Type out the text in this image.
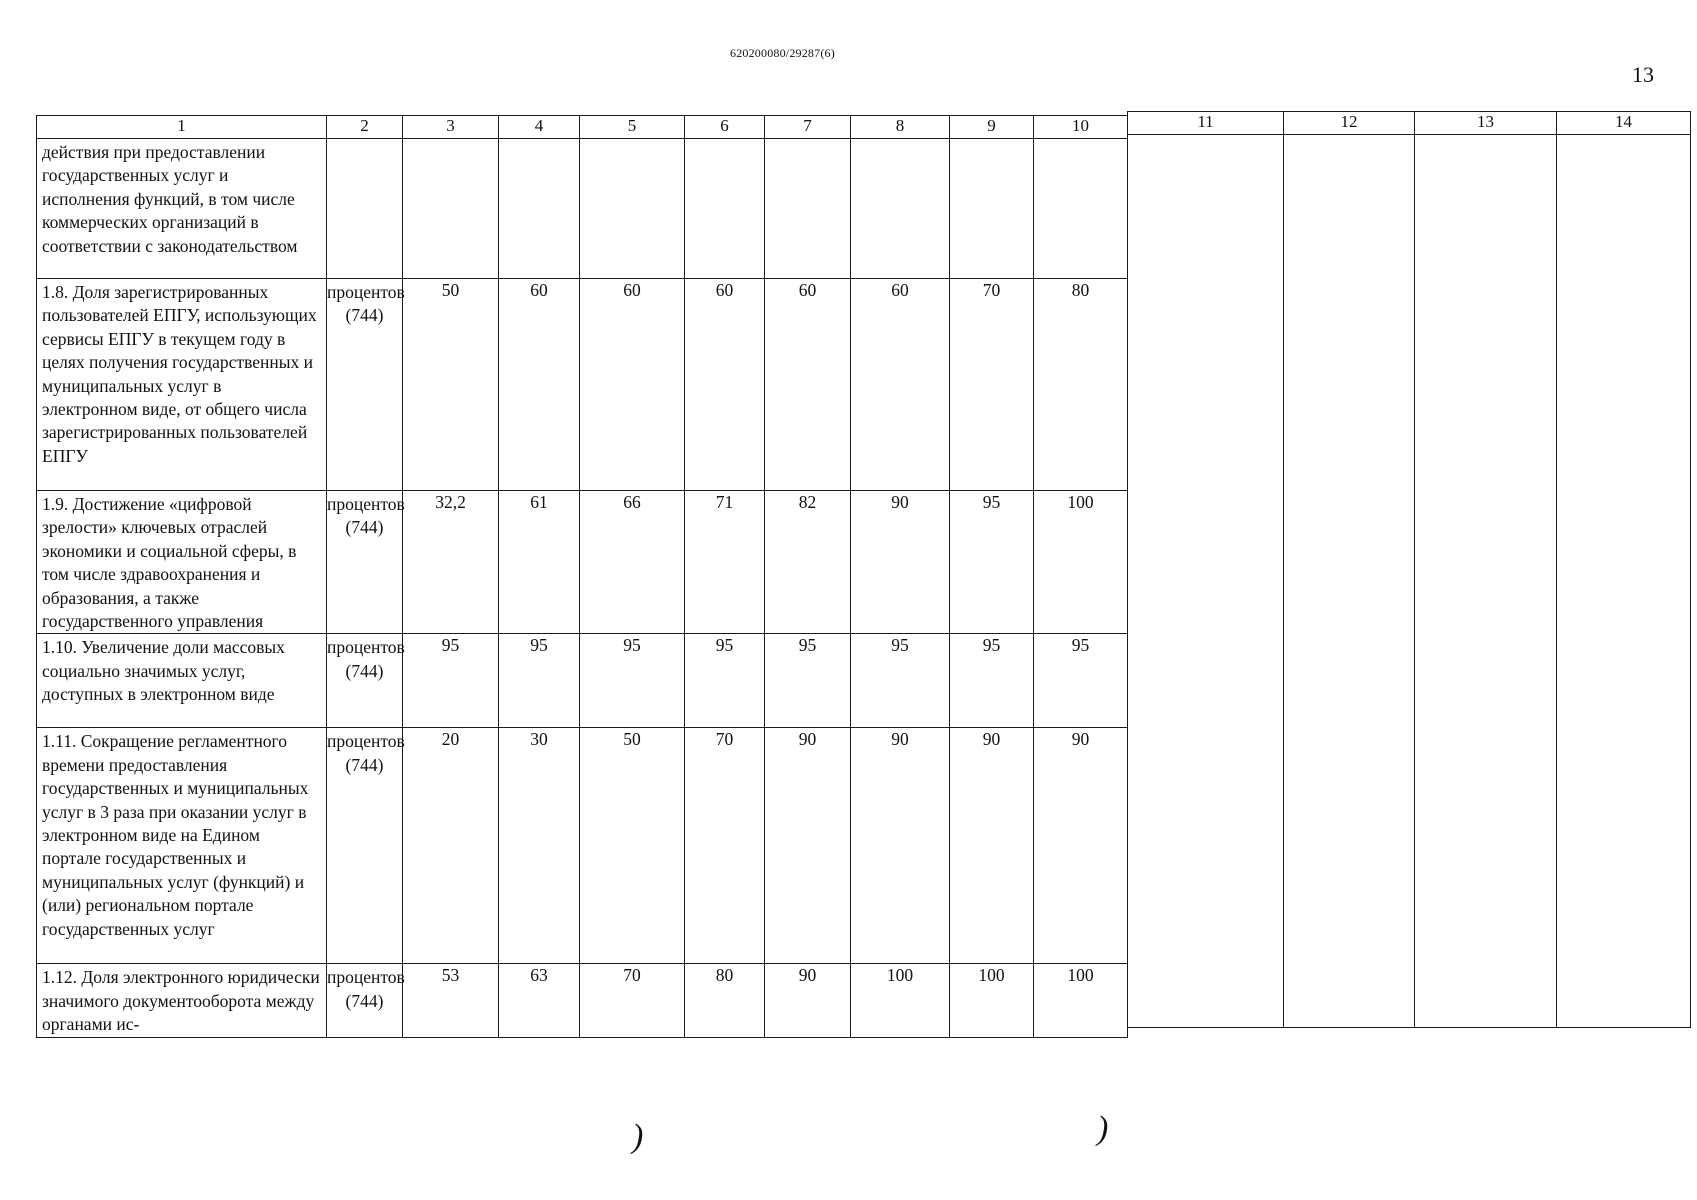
620200080/29287(6)
13
1	2	3	4	5	6	7	8	9	10
действия при предоставлении государственных услуг и исполнения функций, в том числе коммерческих организаций в соответствии с законодательством									
1.8. Доля зарегистрированных пользователей ЕПГУ, использующих сервисы ЕПГУ в текущем году в целях получения государственных и муниципальных услуг в электронном виде, от общего числа зарегистрированных пользователей ЕПГУ	процентов (744)	50	60	60	60	60	60	70	80
1.9. Достижение «цифровой зрелости» ключевых отраслей экономики и социальной сферы, в том числе здравоохранения и образования, а также государственного управления	процентов (744)	32,2	61	66	71	82	90	95	100
1.10. Увеличение доли массовых социально значимых услуг, доступных в электронном виде	процентов (744)	95	95	95	95	95	95	95	95
1.11. Сокращение регламентного времени предоставления государственных и муниципальных услуг в 3 раза при оказании услуг в электронном виде на Едином портале государственных и муниципальных услуг (функций) и (или) региональном портале государственных услуг	процентов (744)	20	30	50	70	90	90	90	90
1.12. Доля электронного юридически значимого документооборота между органами ис-	процентов (744)	53	63	70	80	90	100	100	100
11	12	13	14

)	)
